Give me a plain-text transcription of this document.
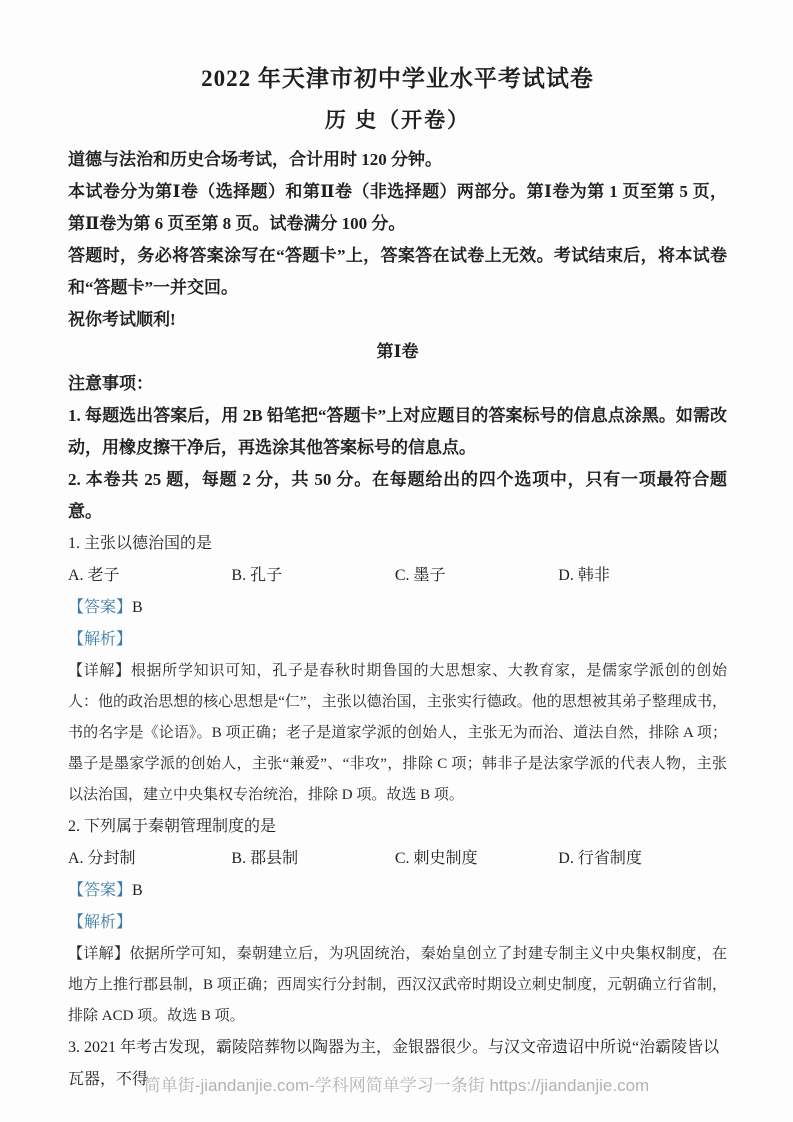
2022 年天津市初中学业水平考试试卷
历 史（开卷）

道德与法治和历史合场考试，合计用时 120 分钟。

本试卷分为第Ⅰ卷（选择题）和第Ⅱ卷（非选择题）两部分。第Ⅰ卷为第 1 页至第 5 页，第Ⅱ卷为第 6 页至第 8 页。试卷满分 100 分。

答题时，务必将答案涂写在“答题卡”上，答案答在试卷上无效。考试结束后，将本试卷和“答题卡”一并交回。

祝你考试顺利!

第Ⅰ卷

注意事项：

1. 每题选出答案后，用 2B 铅笔把“答题卡”上对应题目的答案标号的信息点涂黑。如需改动，用橡皮擦干净后，再选涂其他答案标号的信息点。

2. 本卷共 25 题，每题 2 分，共 50 分。在每题给出的四个选项中，只有一项最符合题意。

1. 主张以德治国的是

A. 老子	B. 孔子	C. 墨子	D. 韩非

【答案】B

【解析】

【详解】根据所学知识可知，孔子是春秋时期鲁国的大思想家、大教育家，是儒家学派创的创始人：他的政治思想的核心思想是“仁”，主张以德治国，主张实行德政。他的思想被其弟子整理成书，书的名字是《论语》。B 项正确；老子是道家学派的创始人，主张无为而治、道法自然，排除 A 项；墨子是墨家学派的创始人，主张“兼爱”、“非攻”，排除 C 项；韩非子是法家学派的代表人物，主张以法治国，建立中央集权专治统治，排除 D 项。故选 B 项。

2. 下列属于秦朝管理制度的是

A. 分封制	B. 郡县制	C. 刺史制度	D. 行省制度

【答案】B

【解析】

【详解】依据所学可知，秦朝建立后，为巩固统治，秦始皇创立了封建专制主义中央集权制度，在地方上推行郡县制，B 项正确；西周实行分封制，西汉汉武帝时期设立刺史制度，元朝确立行省制，排除 ACD 项。故选 B 项。

3. 2021 年考古发现，霸陵陪葬物以陶器为主，金银器很少。与汉文帝遗诏中所说“治霸陵皆以瓦器，不得

简单街-jiandanjie.com-学科网简单学习一条街 https://jiandanjie.com
